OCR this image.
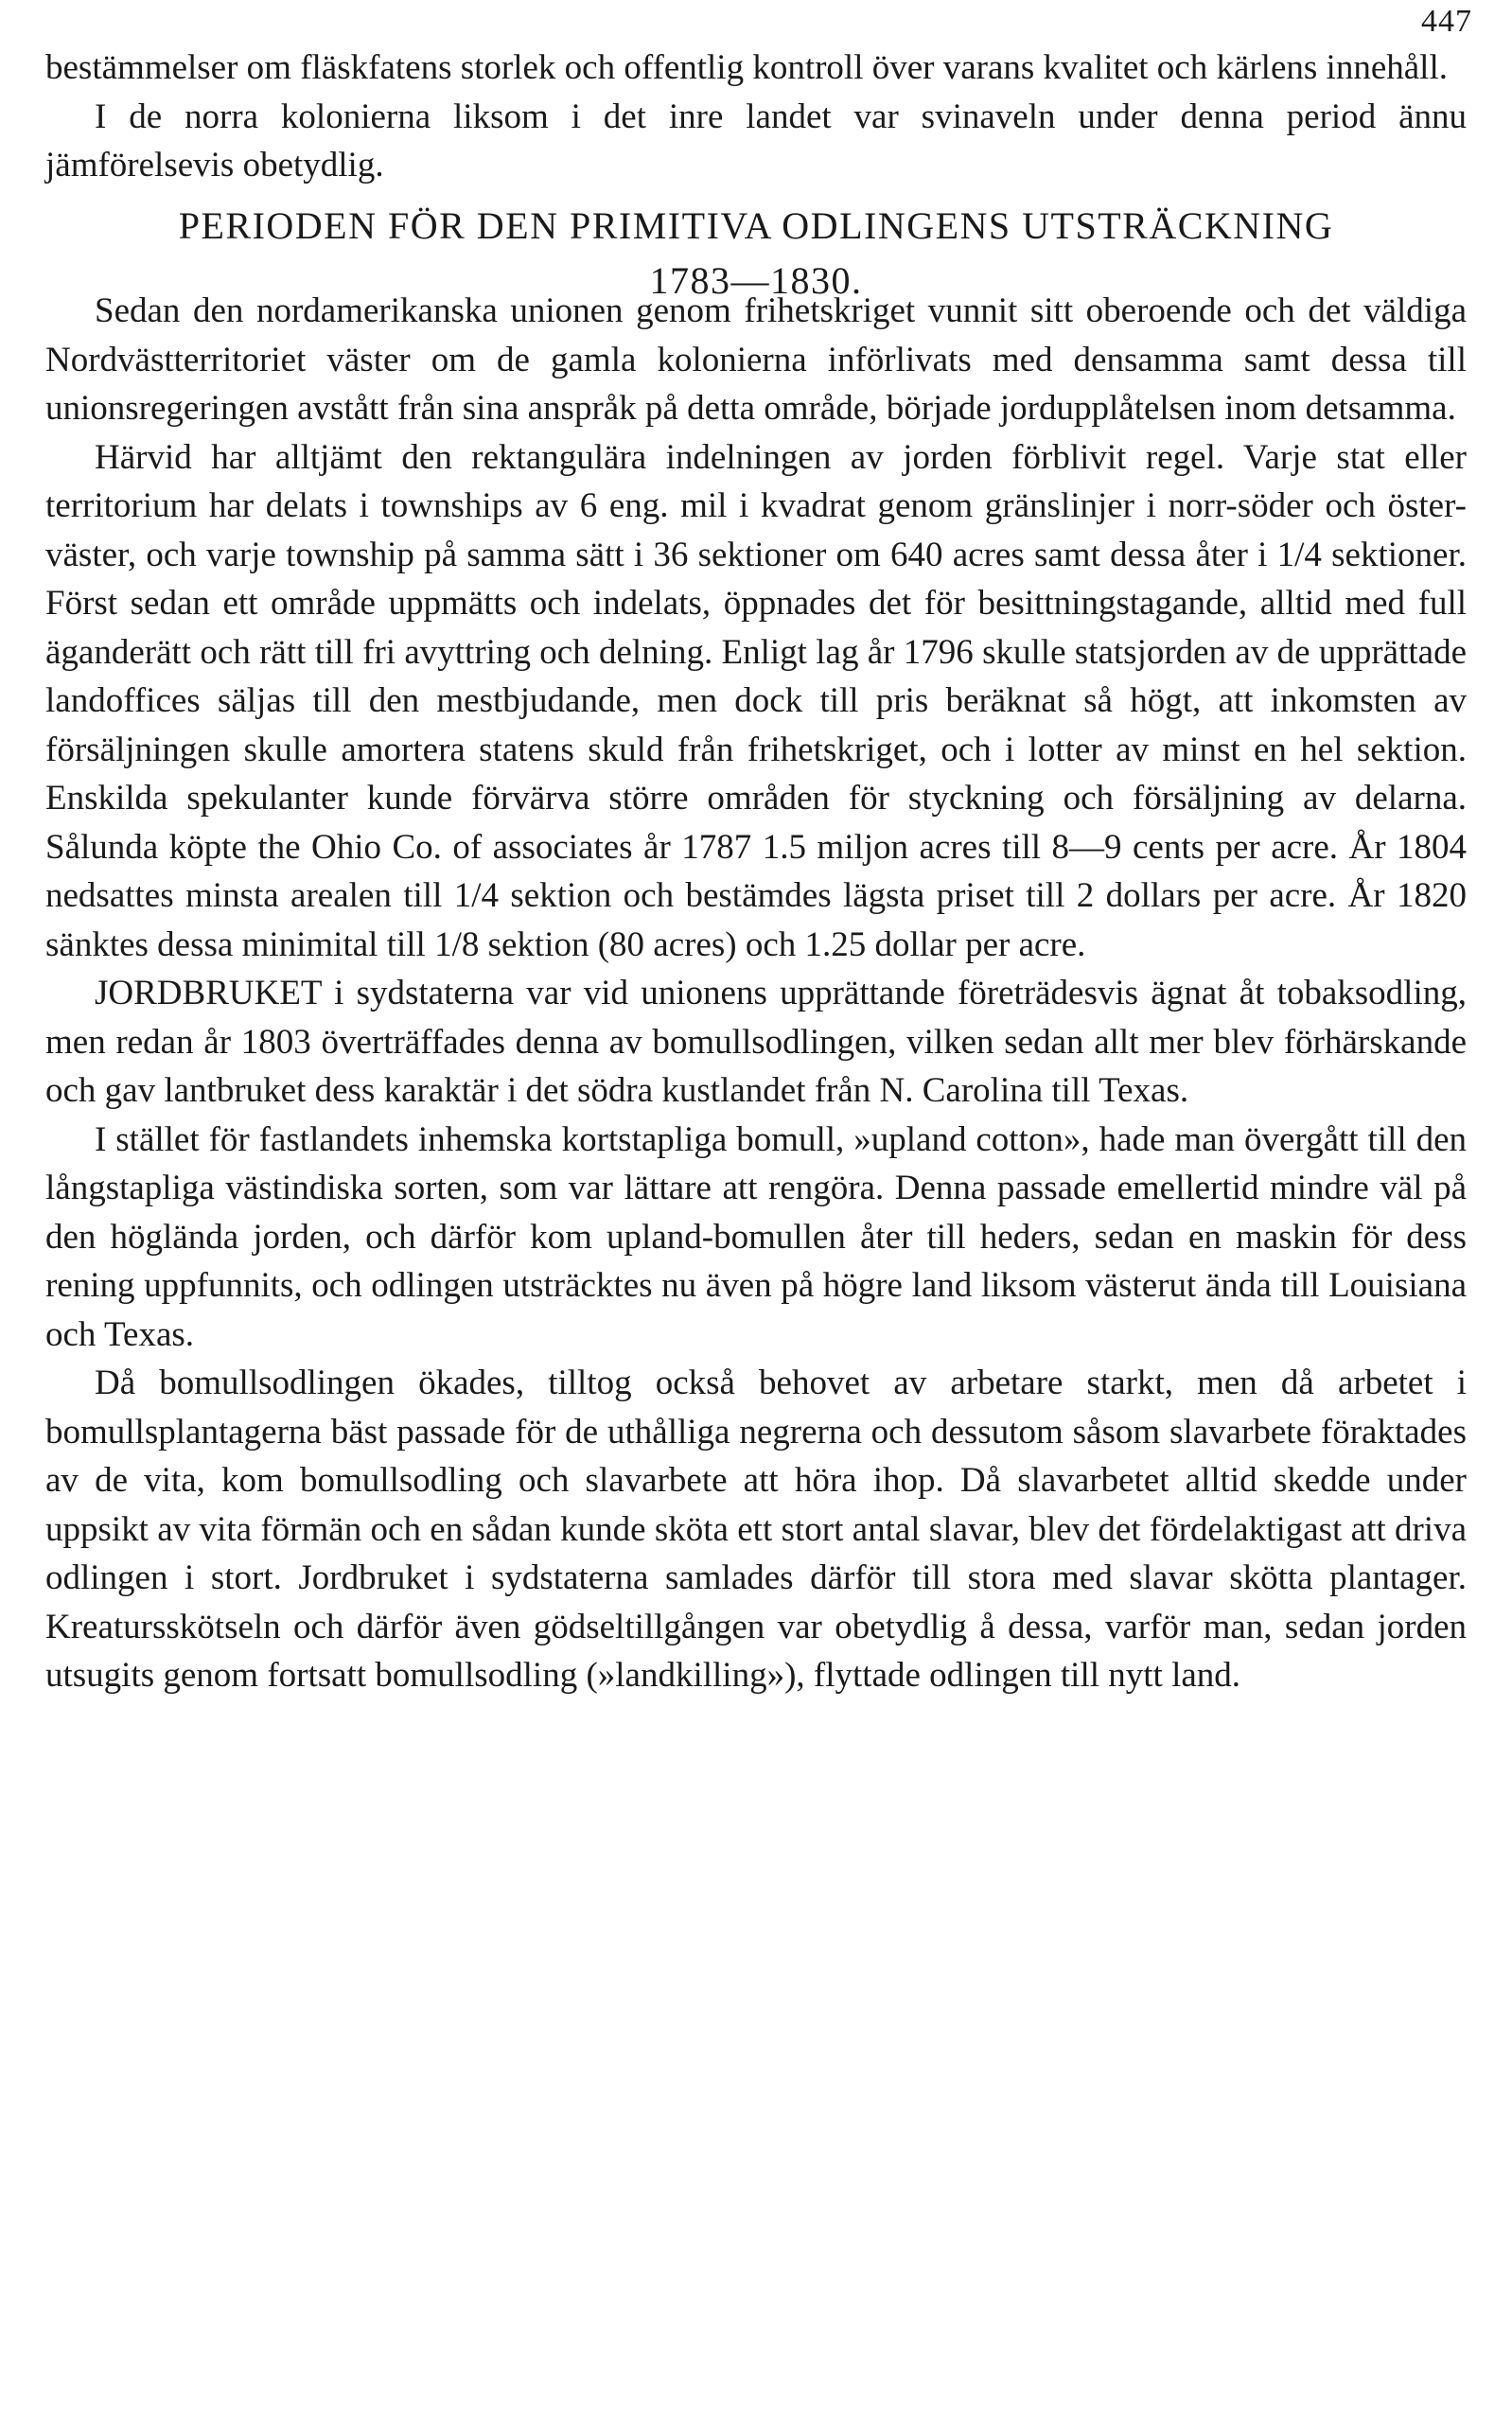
447

bestämmelser om fläskfatens storlek och offentlig kontroll över varans kvalitet och kärlens innehåll.

I de norra kolonierna liksom i det inre landet var svinaveln under denna period ännu jämförelsevis obetydlig.

PERIODEN FÖR DEN PRIMITIVA ODLINGENS UTSTRÄCKNING
1783—1830.

Sedan den nordamerikanska unionen genom frihetskriget vunnit sitt oberoende och det väldiga Nordvästterritoriet väster om de gamla kolonierna införlivats med densamma samt dessa till unionsregeringen avstått från sina anspråk på detta område, började jordupplåtelsen inom detsamma.

Härvid har alltjämt den rektangulära indelningen av jorden förblivit regel. Varje stat eller territorium har delats i townships av 6 eng. mil i kvadrat genom gränslinjer i norr-söder och öster-väster, och varje township på samma sätt i 36 sektioner om 640 acres samt dessa åter i 1/4 sektioner. Först sedan ett område uppmätts och indelats, öppnades det för besittningstagande, alltid med full äganderätt och rätt till fri avyttring och delning. Enligt lag år 1796 skulle statsjorden av de upprättade landoffices säljas till den mestbjudande, men dock till pris beräknat så högt, att inkomsten av försäljningen skulle amortera statens skuld från frihetskriget, och i lotter av minst en hel sektion. Enskilda spekulanter kunde förvärva större områden för styckning och försäljning av delarna. Sålunda köpte the Ohio Co. of associates år 1787 1.5 miljon acres till 8—9 cents per acre. År 1804 nedsattes minsta arealen till 1/4 sektion och bestämdes lägsta priset till 2 dollars per acre. År 1820 sänktes dessa minimital till 1/8 sektion (80 acres) och 1.25 dollar per acre.

JORDBRUKET i sydstaterna var vid unionens upprättande företrädesvis ägnat åt tobaksodling, men redan år 1803 överträffades denna av bomullsodlingen, vilken sedan allt mer blev förhärskande och gav lantbruket dess karaktär i det södra kustlandet från N. Carolina till Texas.

I stället för fastlandets inhemska kortstapliga bomull, »upland cotton», hade man övergått till den långstapliga västindiska sorten, som var lättare att rengöra. Denna passade emellertid mindre väl på den höglända jorden, och därför kom upland-bomullen åter till heders, sedan en maskin för dess rening uppfunnits, och odlingen utsträcktes nu även på högre land liksom västerut ända till Louisiana och Texas.

Då bomullsodlingen ökades, tilltog också behovet av arbetare starkt, men då arbetet i bomullsplantagerna bäst passade för de uthålliga negrerna och dessutom såsom slavarbete föraktades av de vita, kom bomullsodling och slavarbete att höra ihop. Då slavarbetet alltid skedde under uppsikt av vita förmän och en sådan kunde sköta ett stort antal slavar, blev det fördelaktigast att driva odlingen i stort. Jordbruket i sydstaterna samlades därför till stora med slavar skötta plantager. Kreatursskötseln och därför även gödseltillgången var obetydlig å dessa, varför man, sedan jorden utsugits genom fortsatt bomullsodling (»landkilling»), flyttade odlingen till nytt land.
